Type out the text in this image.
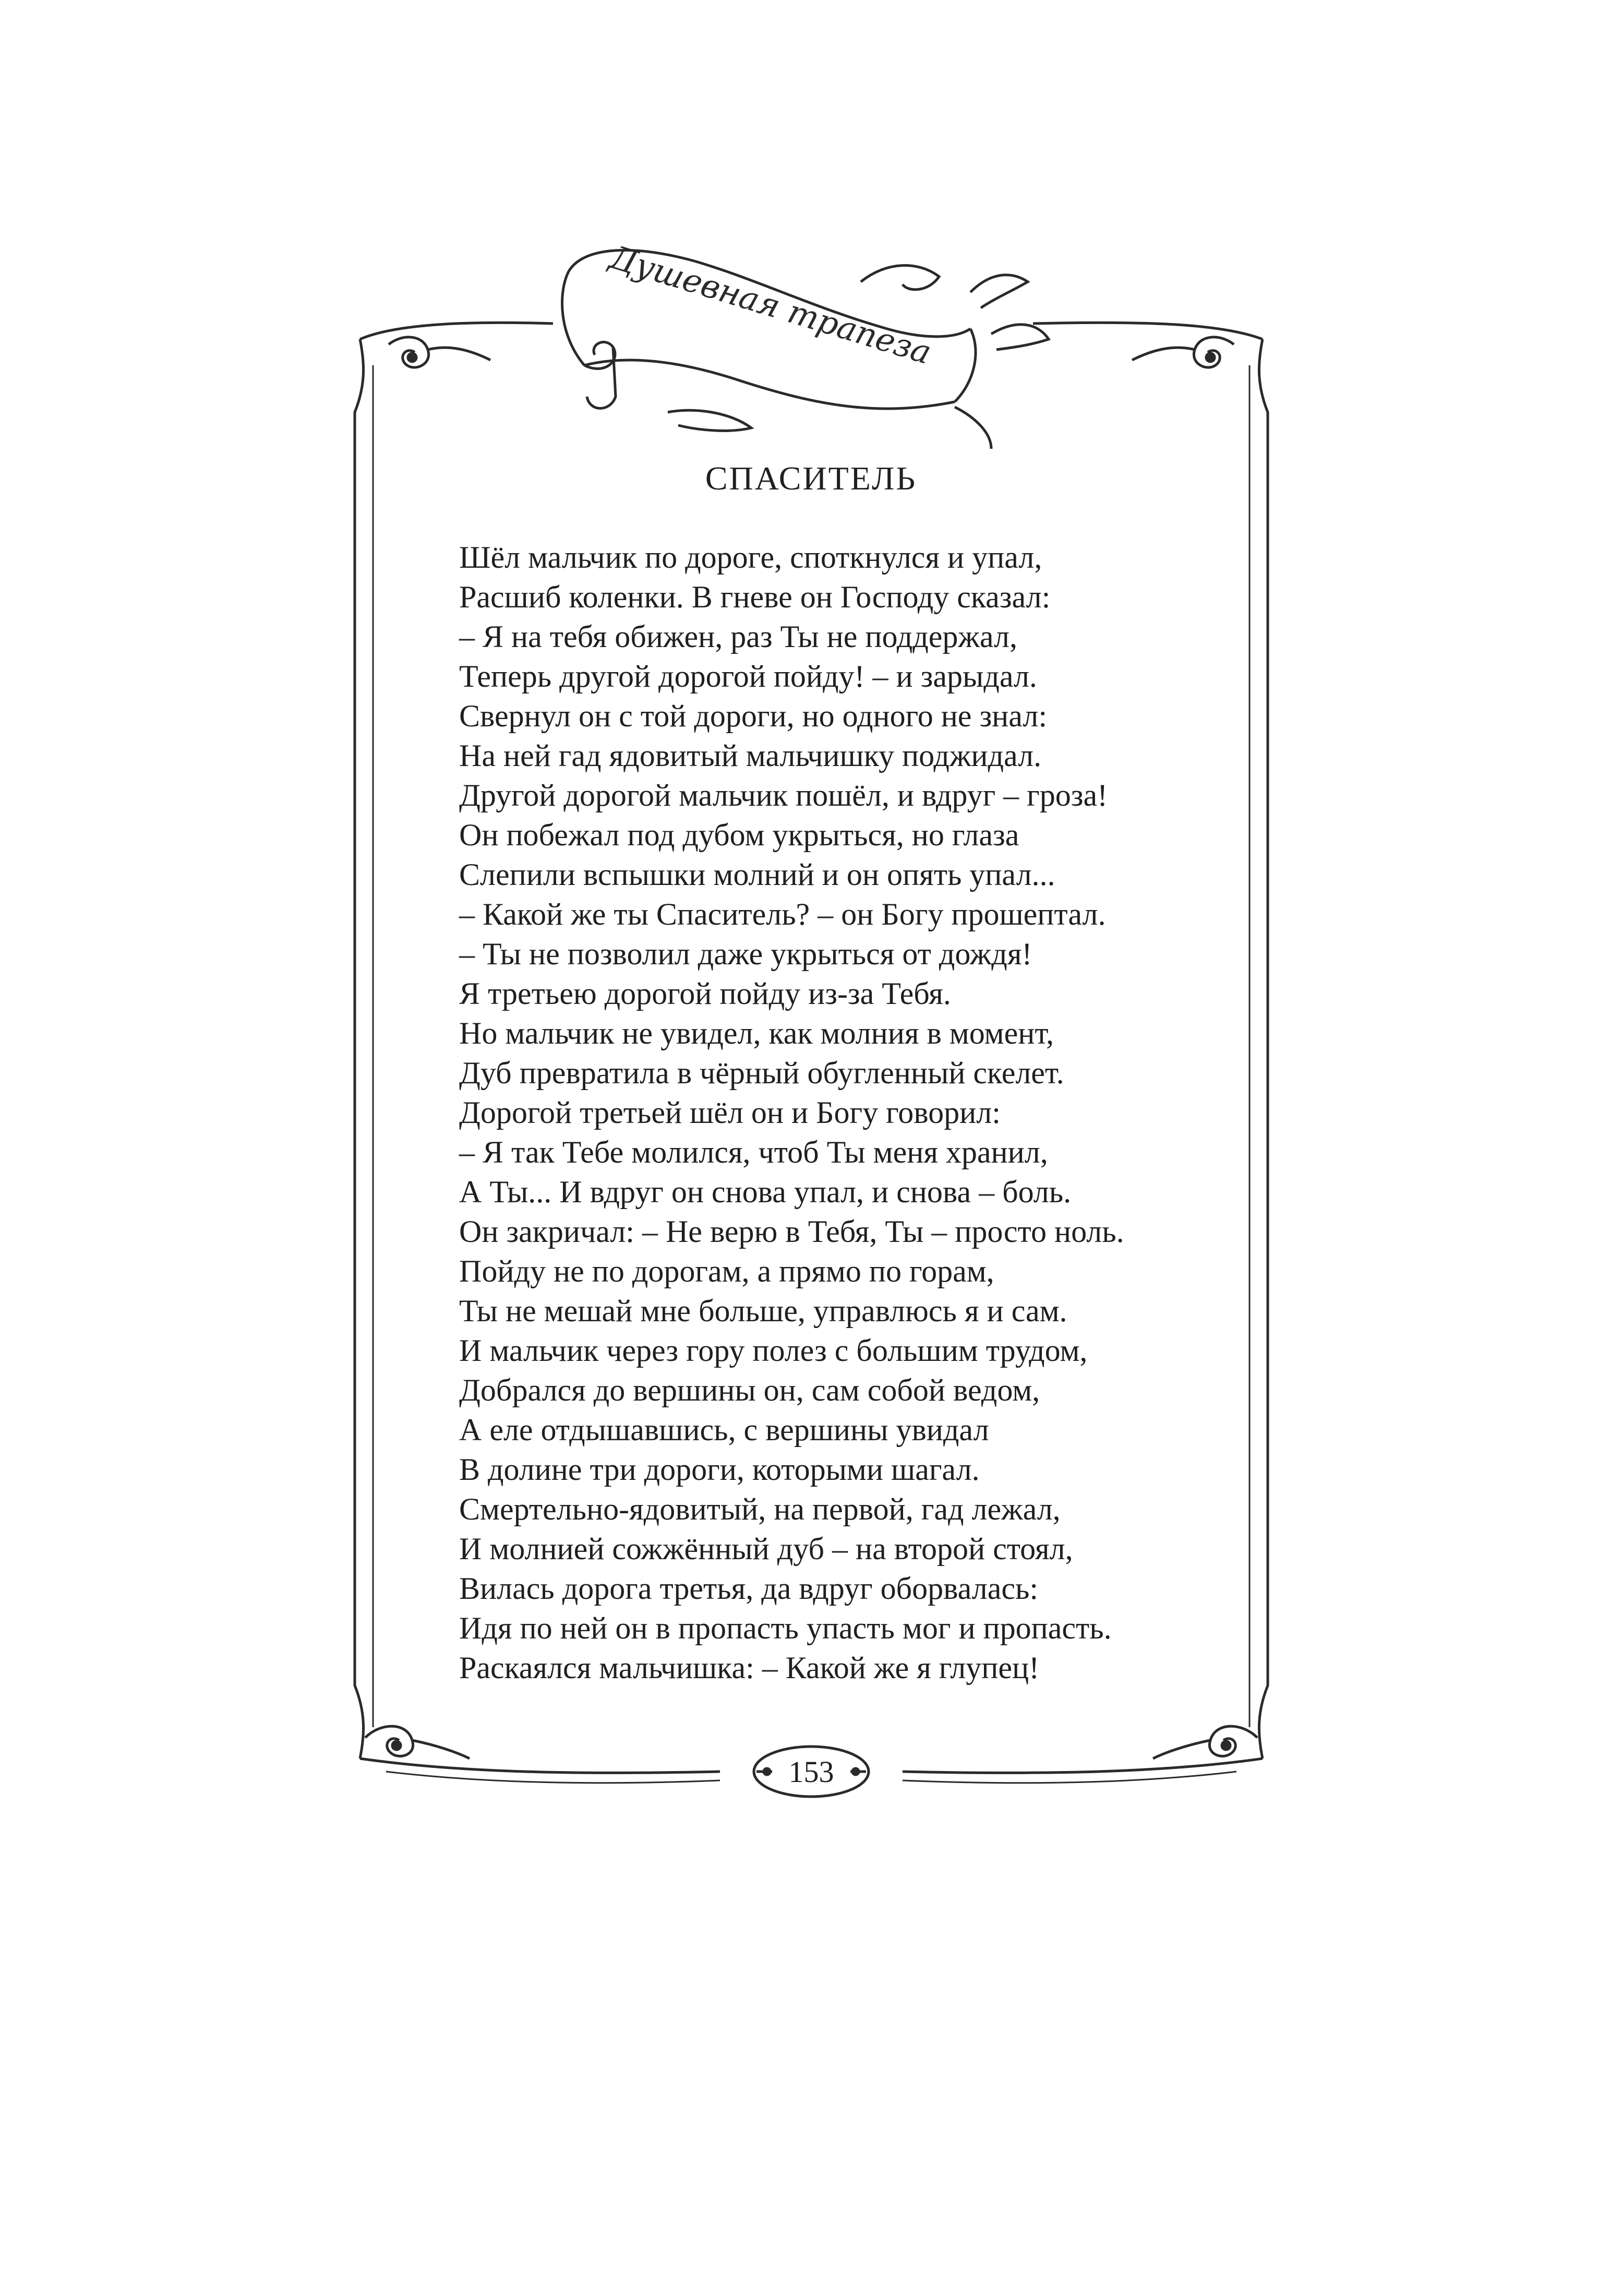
Душевная трапеза
153
СПАСИТЕЛЬ
Шёл мальчик по дороге, споткнулся и упал,
Расшиб коленки. В гневе он Господу сказал:
– Я на тебя обижен, раз Ты не поддержал,
Теперь другой дорогой пойду! – и зарыдал.
Свернул он с той дороги, но одного не знал:
На ней гад ядовитый мальчишку поджидал.
Другой дорогой мальчик пошёл, и вдруг – гроза!
Он побежал под дубом укрыться, но глаза
Слепили вспышки молний и он опять упал...
– Какой же ты Спаситель? – он Богу прошептал.
– Ты не позволил даже укрыться от дождя!
Я третьею дорогой пойду из-за Тебя.
Но мальчик не увидел, как молния в момент,
Дуб превратила в чёрный обугленный скелет.
Дорогой третьей шёл он и Богу говорил:
– Я так Тебе молился, чтоб Ты меня хранил,
А Ты... И вдруг он снова упал, и снова – боль.
Он закричал: – Не верю в Тебя, Ты – просто ноль.
Пойду не по дорогам, а прямо по горам,
Ты не мешай мне больше, управлюсь я и сам.
И мальчик через гору полез с большим трудом,
Добрался до вершины он, сам собой ведом,
А еле отдышавшись, с вершины увидал
В долине три дороги, которыми шагал.
Смертельно-ядовитый, на первой, гад лежал,
И молнией сожжённый дуб – на второй стоял,
Вилась дорога третья, да вдруг оборвалась:
Идя по ней он в пропасть упасть мог и пропасть.
Раскаялся мальчишка: – Какой же я глупец!
